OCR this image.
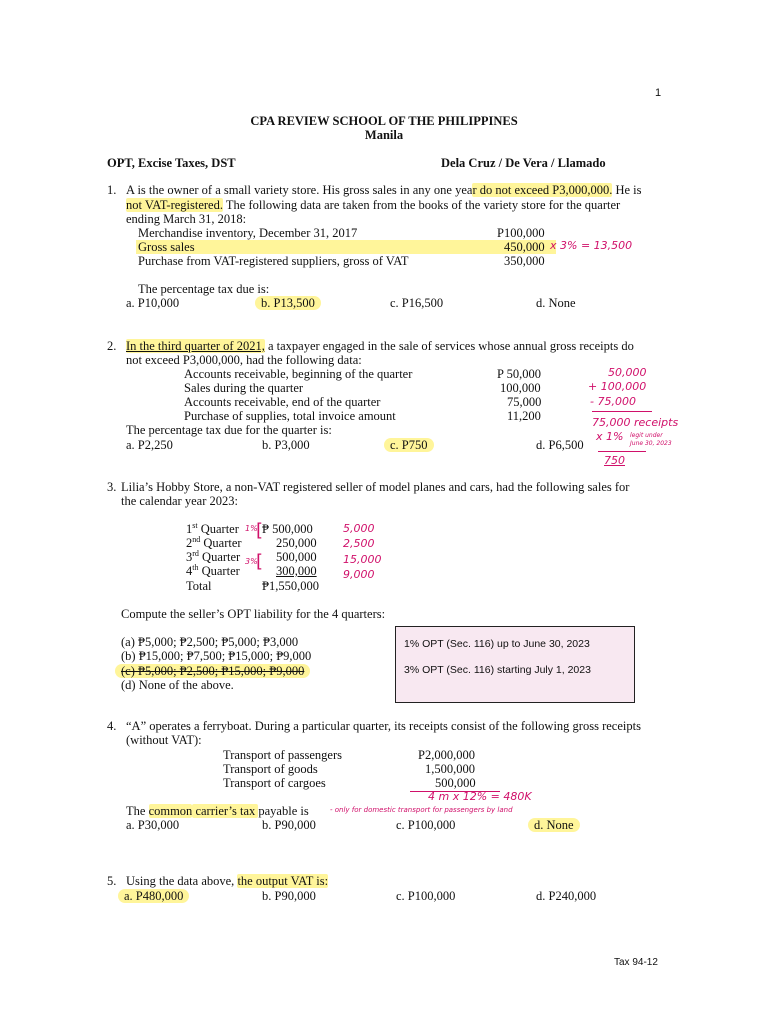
1
CPA REVIEW SCHOOL OF THE PHILIPPINES
Manila
OPT, Excise Taxes, DST	Dela Cruz / De Vera / Llamado
1. A is the owner of a small variety store. His gross sales in any one year do not exceed P3,000,000. He is
not VAT-registered. The following data are taken from the books of the variety store for the quarter
ending March 31, 2018:
Merchandise inventory, December 31, 2017	P100,000
Gross sales	450,000
Purchase from VAT-registered suppliers, gross of VAT	350,000
x 3% = 13,500
The percentage tax due is:
a. P10,000	b. P13,500	c. P16,500	d. None
2. In the third quarter of 2021, a taxpayer engaged in the sale of services whose annual gross receipts do
not exceed P3,000,000, had the following data:
Accounts receivable, beginning of the quarter	P 50,000
Sales during the quarter	100,000
Accounts receivable, end of the quarter	75,000
Purchase of supplies, total invoice amount	11,200
The percentage tax due for the quarter is:
a. P2,250	b. P3,000	c. P750	d. P6,500
50,000
+ 100,000
- 75,000
75,000 receipts
x 1% legit under
June 30, 2023
750
3. Lilia’s Hobby Store, a non-VAT registered seller of model planes and cars, had the following sales for
the calendar year 2023:
1st Quarter ₱ 500,000
2nd Quarter	250,000
3rd Quarter	500,000
4th Quarter	300,000
Total	₱1,550,000
1%
[
3%
[
5,000
2,500
15,000
9,000
Compute the seller’s OPT liability for the 4 quarters:
(a) ₱5,000; ₱2,500; ₱5,000; ₱3,000
(b) ₱15,000; ₱7,500; ₱15,000; ₱9,000
(c) ₱5,000; ₱2,500; ₱15,000; ₱9,000
(d) None of the above.
1% OPT (Sec. 116) up to June 30, 2023
3% OPT (Sec. 116) starting July 1, 2023
4. “A” operates a ferryboat. During a particular quarter, its receipts consist of the following gross receipts
(without VAT):
Transport of passengers	P2,000,000
Transport of goods	1,500,000
Transport of cargoes	500,000
4 m x 12% = 480K
The common carrier’s tax payable is	- only for domestic transport for passengers by land
a. P30,000	b. P90,000	c. P100,000	d. None
5. Using the data above, the output VAT is:
a. P480,000	b. P90,000	c. P100,000	d. P240,000
Tax 94-12
